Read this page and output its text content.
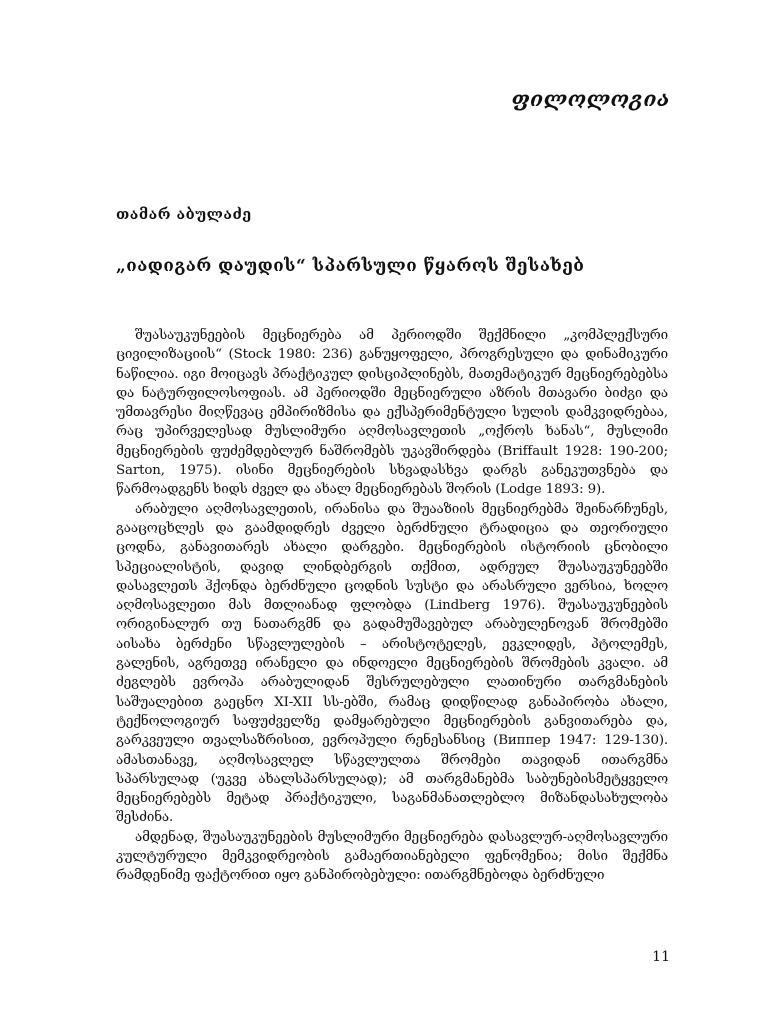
ფილოლოგია
თამარ აბულაძე
„იადიგარ დაუდის“ სპარსული წყაროს შესახებ

შუასაუკუნეების მეცნიერება ამ პერიოდში შექმნილი „კომპლექსური ცივილიზაციის“ (Stock 1980: 236) განუყოფელი, პროგრესული და დინამიკური ნაწილია. იგი მოიცავს პრაქტიკულ დისციპლინებს, მათემატიკურ მეცნიერებებსა და ნატურფილოსოფიას. ამ პერიოდში მეცნიერული აზრის მთავარი ბიძგი და უმთავრესი მიღწევაც ემპირიზმისა და ექსპერიმენტული სულის დამკვიდრებაა, რაც უპირველესად მუსლიმური აღმოსავლეთის „ოქროს ხანას“, მუსლიმი მეცნიერების ფუძემდებლურ ნაშრომებს უკავშირდება (Briffault 1928: 190-200; Sarton, 1975). ისინი მეცნიერების სხვადასხვა დარგს განეკუთვნება და წარმოადგენს ხიდს ძველ და ახალ მეცნიერებას შორის (Lodge 1893: 9).

არაბული აღმოსავლეთის, ირანისა და შუააზიის მეცნიერებმა შეინარჩუნეს, გააცოცხლეს და გაამდიდრეს ძველი ბერძნული ტრადიცია და თეორიული ცოდნა, განავითარეს ახალი დარგები. მეცნიერების ისტორიის ცნობილი სპეციალისტის, დავიდ ლინდბერგის თქმით, ადრეულ შუასაუკუნეებში დასავლეთს ჰქონდა ბერძნული ცოდნის სუსტი და არასრული ვერსია, ხოლო აღმოსავლეთი მას მთლიანად ფლობდა (Lindberg 1976). შუასაუკუნეების ორიგინალურ თუ ნათარგმნ და გადამუშავებულ არაბულენოვან შრომებში აისახა ბერძენი სწავლულების – არისტოტელეს, ევკლიდეს, პტოლემეს, გალენის, აგრეთვე ირანელი და ინდოელი მეცნიერების შრომების კვალი. ამ ძეგლებს ევროპა არაბულიდან შესრულებული ლათინური თარგმანების საშუალებით გაეცნო XI-XII სს-ებში, რამაც დიდწილად განაპირობა ახალი, ტექნოლოგიურ საფუძველზე დამყარებული მეცნიერების განვითარება და, გარკვეული თვალსაზრისით, ევროპული რენესანსიც (Виппер 1947: 129-130). ამასთანავე, აღმოსავლელ სწავლულთა შრომები თავიდან ითარგმნა სპარსულად (უკვე ახალსპარსულად); ამ თარგმანებმა საბუნებისმეტყველო მეცნიერებებს მეტად პრაქტიკული, საგანმანათლებლო მიზანდასახულობა შესძინა.

ამდენად, შუასაუკუნეების მუსლიმური მეცნიერება დასავლურ-აღმოსავლური კულტურული მემკვიდრეობის გამაერთიანებელი ფენომენია; მისი შექმნა რამდენიმე ფაქტორით იყო განპირობებული: ითარგმნებოდა ბერძნული

11
